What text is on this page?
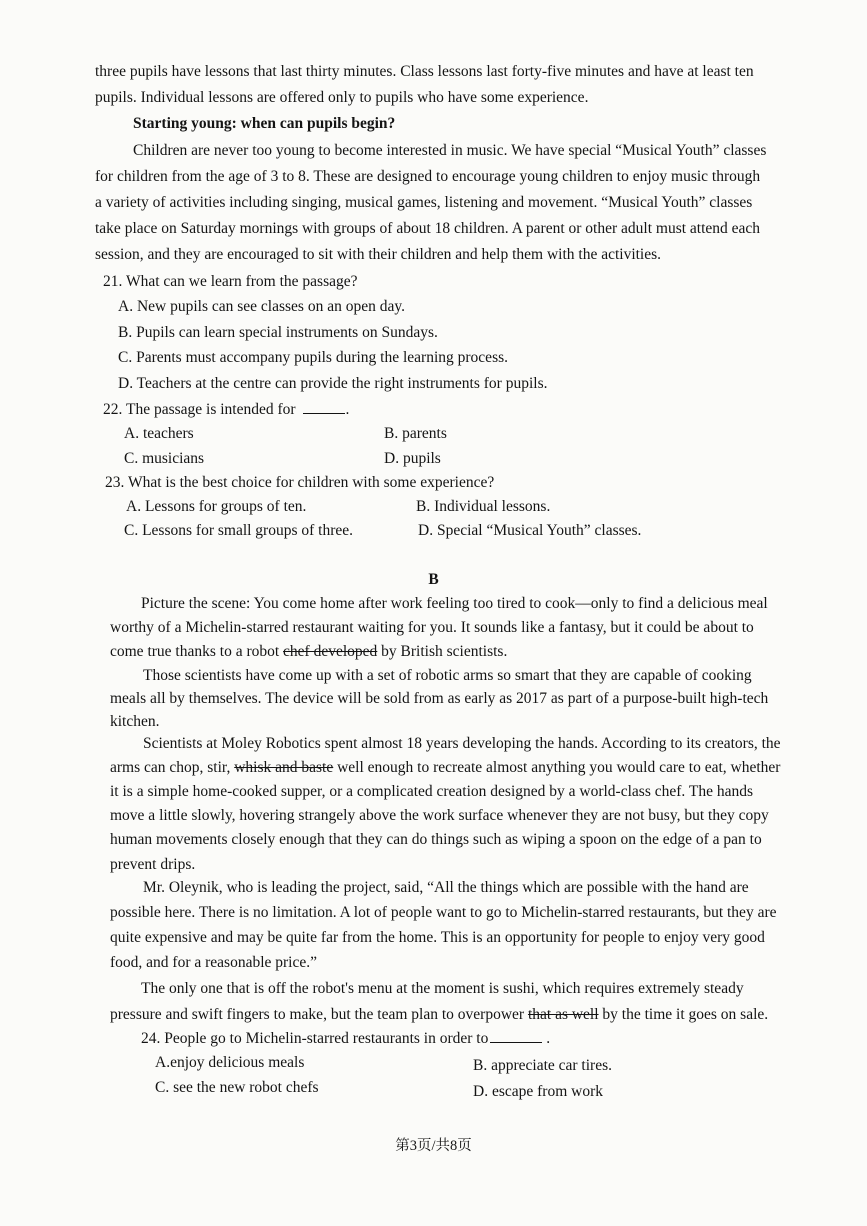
three pupils have lessons that last thirty minutes. Class lessons last forty-five minutes and have at least ten
pupils. Individual lessons are offered only to pupils who have some experience.
Starting young: when can pupils begin?
Children are never too young to become interested in music. We have special “Musical Youth” classes
for children from the age of 3 to 8. These are designed to encourage young children to enjoy music through
a variety of activities including singing, musical games, listening and movement. “Musical Youth” classes
take place on Saturday mornings with groups of about 18 children. A parent or other adult must attend each
session, and they are encouraged to sit with their children and help them with the activities.
21. What can we learn from the passage?
A. New pupils can see classes on an open day.
B. Pupils can learn special instruments on Sundays.
C. Parents must accompany pupils during the learning process.
D. Teachers at the centre can provide the right instruments for pupils.
22. The passage is intended for	.
A. teachers	B. parents
C. musicians	D. pupils
23. What is the best choice for children with some experience?
A. Lessons for groups of ten.	B. Individual lessons.
C. Lessons for small groups of three.	D. Special “Musical Youth” classes.
B
Picture the scene: You come home after work feeling too tired to cook—only to find a delicious meal
worthy of a Michelin-starred restaurant waiting for you. It sounds like a fantasy, but it could be about to
come true thanks to a robot chef developed by British scientists.
Those scientists have come up with a set of robotic arms so smart that they are capable of cooking
meals all by themselves. The device will be sold from as early as 2017 as part of a purpose-built high-tech
kitchen.
Scientists at Moley Robotics spent almost 18 years developing the hands. According to its creators, the
arms can chop, stir, whisk and baste well enough to recreate almost anything you would care to eat, whether
it is a simple home-cooked supper, or a complicated creation designed by a world-class chef. The hands
move a little slowly, hovering strangely above the work surface whenever they are not busy, but they copy
human movements closely enough that they can do things such as wiping a spoon on the edge of a pan to
prevent drips.
Mr. Oleynik, who is leading the project, said, “All the things which are possible with the hand are
possible here. There is no limitation. A lot of people want to go to Michelin-starred restaurants, but they are
quite expensive and may be quite far from the home. This is an opportunity for people to enjoy very good
food, and for a reasonable price.”
The only one that is off the robot's menu at the moment is sushi, which requires extremely steady
pressure and swift fingers to make, but the team plan to overpower that as well by the time it goes on sale.
24. People go to Michelin-starred restaurants in order to	.
A.enjoy delicious meals	B. appreciate car tires.
C. see the new robot chefs	D. escape from work
第3页/共8页
